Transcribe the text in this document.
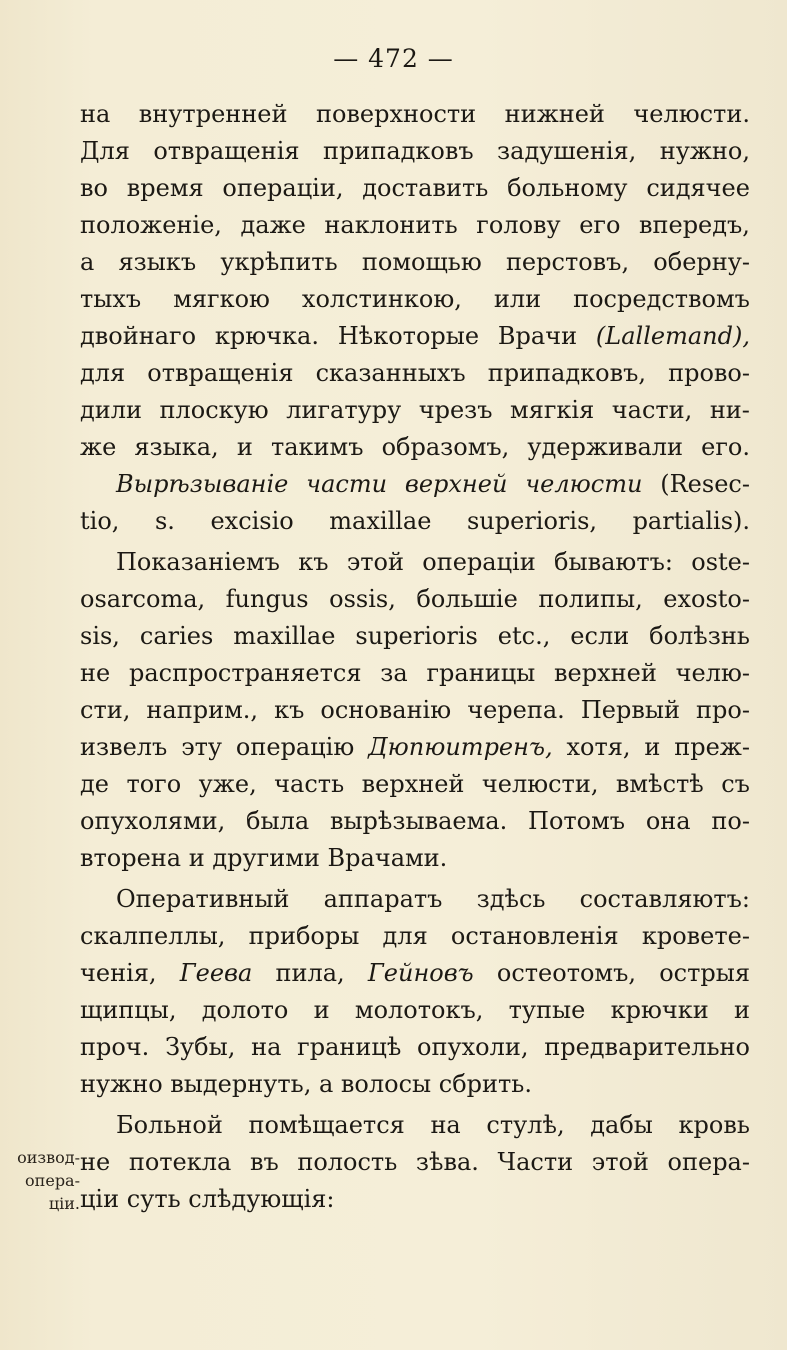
— 472 —
на внутренней поверхности нижней челюсти.
Для отвращенія припадковъ задушенія, нужно,
во время операціи, доставить больному сидячее
положеніе, даже наклонить голову его впередъ,
а языкъ укрѣпить помощью перстовъ, оберну-
тыхъ мягкою холстинкою, или посредствомъ
двойнаго крючка. Нѣкоторые Врачи (Lallemand),
для отвращенія сказанныхъ припадковъ, прово-
дили плоскую лигатуру чрезъ мягкія части, ни-
же языка, и такимъ образомъ, удерживали его.
Вырѣзываніе части верхней челюсти (Resec-
tio, s. excisio maxillae superioris, partialis).
Показаніемъ къ этой операціи бываютъ: oste-
osarcoma, fungus ossis, большіе полипы, exosto-
sis, caries maxillae superioris etc., если болѣзнь
не распространяется за границы верхней челю-
сти, наприм., къ основанію черепа. Первый про-
извелъ эту операцію Дюпюитренъ, хотя, и преж-
де того уже, часть верхней челюсти, вмѣстѣ съ
опухолями, была вырѣзываема. Потомъ она по-
вторена и другими Врачами.
Оперативный аппаратъ здѣсь составляютъ:
скалпеллы, приборы для остановленія кровете-
ченія, Геева пила, Гейновъ остеотомъ, острыя
щипцы, долото и молотокъ, тупые крючки и
проч. Зубы, на границѣ опухоли, предварительно
нужно выдернуть, а волосы сбрить.
Больной помѣщается на стулѣ, дабы кровь
не потекла въ полость зѣва. Части этой опера-
ціи суть слѣдующія:
оизвод-
опера-
ціи.
